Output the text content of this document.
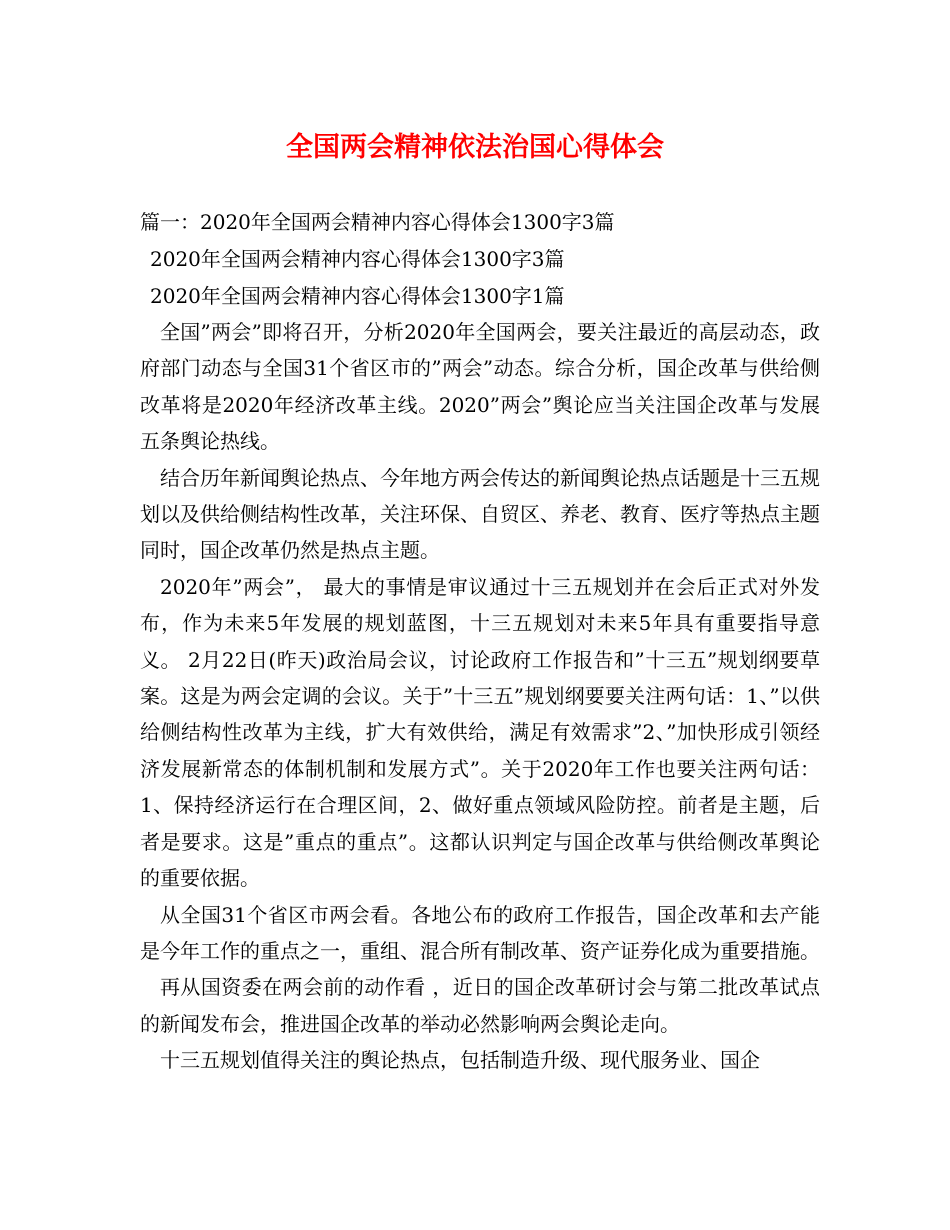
全国两会精神依法治国心得体会
篇一：2020年全国两会精神内容心得体会1300字3篇
2020年全国两会精神内容心得体会1300字3篇
2020年全国两会精神内容心得体会1300字1篇

全国”两会”即将召开，分析2020年全国两会，要关注最近的高层动态，政府部门动态与全国31个省区市的”两会”动态。综合分析，国企改革与供给侧改革将是2020年经济改革主线。2020”两会”舆论应当关注国企改革与发展五条舆论热线。

结合历年新闻舆论热点、今年地方两会传达的新闻舆论热点话题是十三五规划以及供给侧结构性改革，关注环保、自贸区、养老、教育、医疗等热点主题同时，国企改革仍然是热点主题。

2020年”两会”， 最大的事情是审议通过十三五规划并在会后正式对外发布，作为未来5年发展的规划蓝图，十三五规划对未来5年具有重要指导意义。 2月22日(昨天)政治局会议，讨论政府工作报告和”十三五”规划纲要草案。这是为两会定调的会议。关于”十三五”规划纲要要关注两句话：1、”以供给侧结构性改革为主线，扩大有效供给，满足有效需求”2、”加快形成引领经济发展新常态的体制机制和发展方式”。关于2020年工作也要关注两句话：1、保持经济运行在合理区间，2、做好重点领域风险防控。前者是主题，后者是要求。这是”重点的重点”。这都认识判定与国企改革与供给侧改革舆论的重要依据。

从全国31个省区市两会看。各地公布的政府工作报告，国企改革和去产能是今年工作的重点之一，重组、混合所有制改革、资产证券化成为重要措施。

再从国资委在两会前的动作看 ，近日的国企改革研讨会与第二批改革试点的新闻发布会，推进国企改革的举动必然影响两会舆论走向。

十三五规划值得关注的舆论热点，包括制造升级、现代服务业、国企
